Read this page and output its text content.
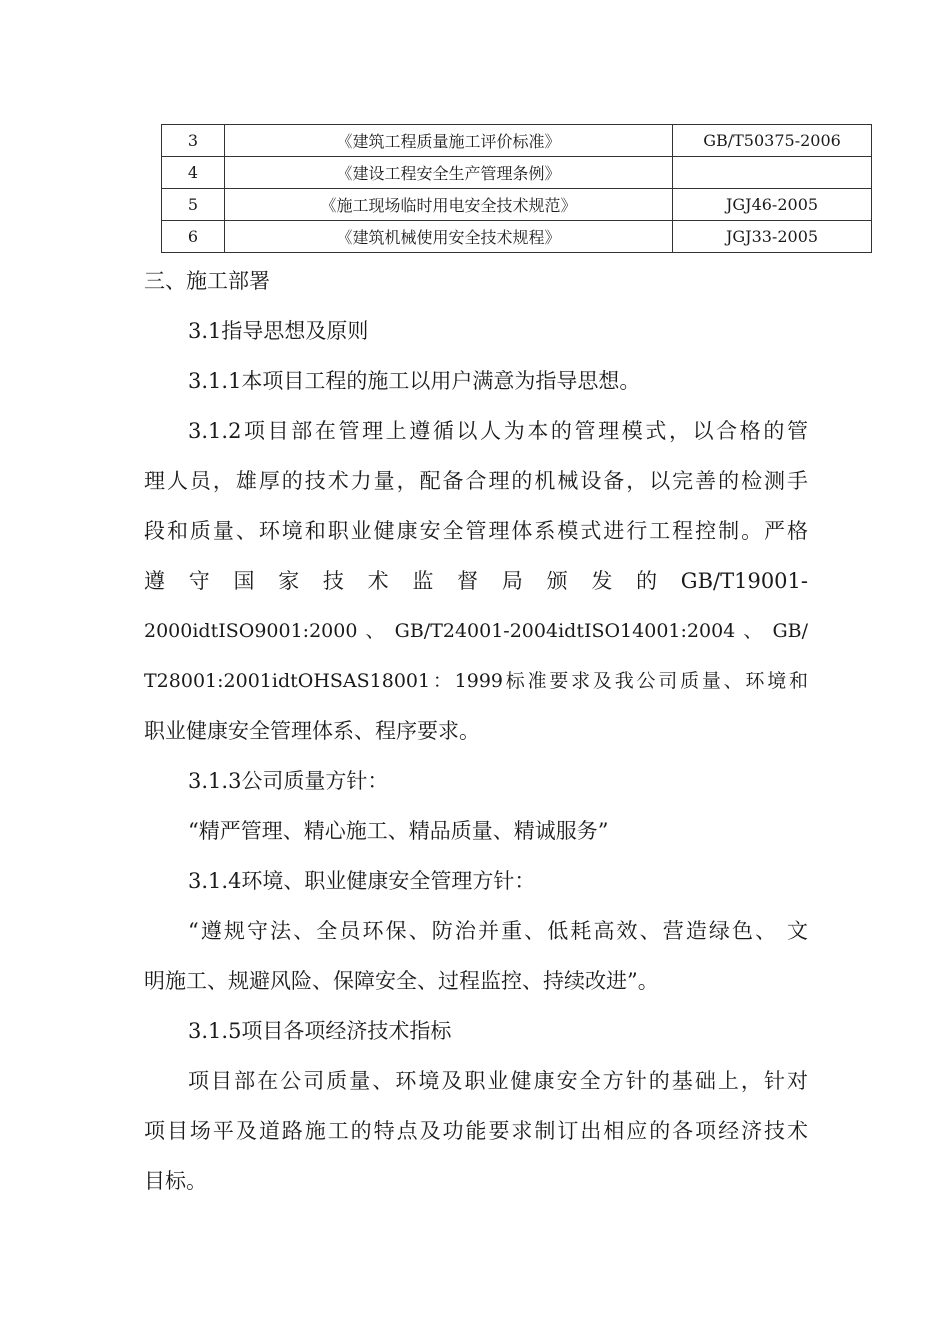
3	《建筑工程质量施工评价标准》	GB/T50375-2006
4	《建设工程安全生产管理条例》	
5	《施工现场临时用电安全技术规范》	JGJ46-2005
6	《建筑机械使用安全技术规程》	JGJ33-2005
三、施工部署
3.1指导思想及原则
3.1.1本项目工程的施工以用户满意为指导思想。
3.1.2项目部在管理上遵循以人为本的管理模式，以合格的管
理人员，雄厚的技术力量，配备合理的机械设备，以完善的检测手
段和质量、环境和职业健康安全管理体系模式进行工程控制。严格
遵 守 国 家 技 术 监 督 局 颁 发 的 GB/T19001-
2000idtISO9001:2000 、 GB/T24001-2004idtISO14001:2004 、 GB/
T28001:2001idtOHSAS18001：1999标准要求及我公司质量、环境和
职业健康安全管理体系、程序要求。
3.1.3公司质量方针：
“精严管理、精心施工、精品质量、精诚服务”
3.1.4环境、职业健康安全管理方针：
“遵规守法、全员环保、防治并重、低耗高效、营造绿色、 文
明施工、规避风险、保障安全、过程监控、持续改进”。
3.1.5项目各项经济技术指标
项目部在公司质量、环境及职业健康安全方针的基础上，针对
项目场平及道路施工的特点及功能要求制订出相应的各项经济技术
目标。
